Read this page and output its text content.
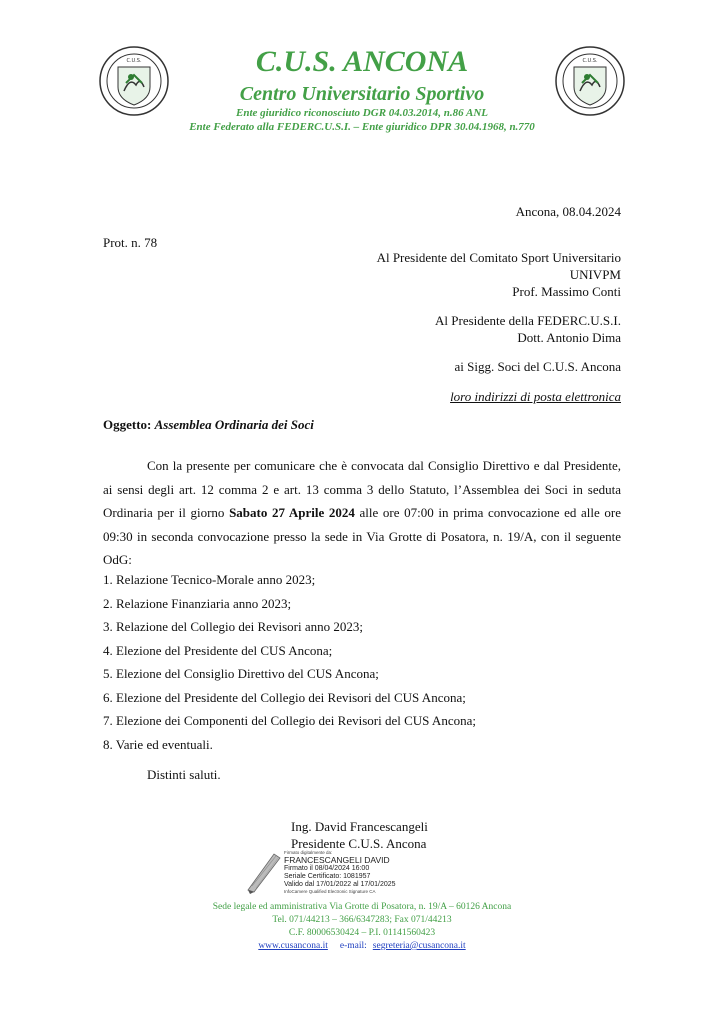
C.U.S.	C.U.S.
C.U.S. ANCONA
Centro Universitario Sportivo
Ente giuridico riconosciuto DGR 04.03.2014, n.86 ANL
Ente Federato alla FEDERC.U.S.I. – Ente giuridico DPR 30.04.1968, n.770
Ancona, 08.04.2024
Prot. n. 78
Al Presidente del Comitato Sport Universitario
UNIVPM
Prof. Massimo Conti
Al Presidente della FEDERC.U.S.I.
Dott. Antonio Dima
ai Sigg. Soci del C.U.S. Ancona
loro indirizzi di posta elettronica
Oggetto: Assemblea Ordinaria dei Soci

Con la presente per comunicare che è convocata dal Consiglio Direttivo e dal Presidente, ai sensi degli art. 12 comma 2 e art. 13 comma 3 dello Statuto, l’Assemblea dei Soci in seduta Ordinaria per il giorno Sabato 27 Aprile 2024 alle ore 07:00 in prima convocazione ed alle ore 09:30 in seconda convocazione presso la sede in Via Grotte di Posatora, n. 19/A, con il seguente OdG:

1. Relazione Tecnico-Morale anno 2023;
2. Relazione Finanziaria anno 2023;
3. Relazione del Collegio dei Revisori anno 2023;
4. Elezione del Presidente del CUS Ancona;
5. Elezione del Consiglio Direttivo del CUS Ancona;
6. Elezione del Presidente del Collegio dei Revisori del CUS Ancona;
7. Elezione dei Componenti del Collegio dei Revisori del CUS Ancona;
8. Varie ed eventuali.
Distinti saluti.
Ing. David Francescangeli
Presidente C.U.S. Ancona
Firmato digitalmente da:
FRANCESCANGELI DAVID
Firmato il 08/04/2024 16:00
Seriale Certificato: 1081957
Valido dal 17/01/2022 al 17/01/2025
InfoCamere Qualified Electronic Signature CA
Sede legale ed amministrativa Via Grotte di Posatora, n. 19/A – 60126 Ancona
Tel. 071/44213 – 366/6347283; Fax 071/44213
C.F. 80006530424 – P.I. 01141560423
www.cusancona.it e-mail: segreteria@cusancona.it
